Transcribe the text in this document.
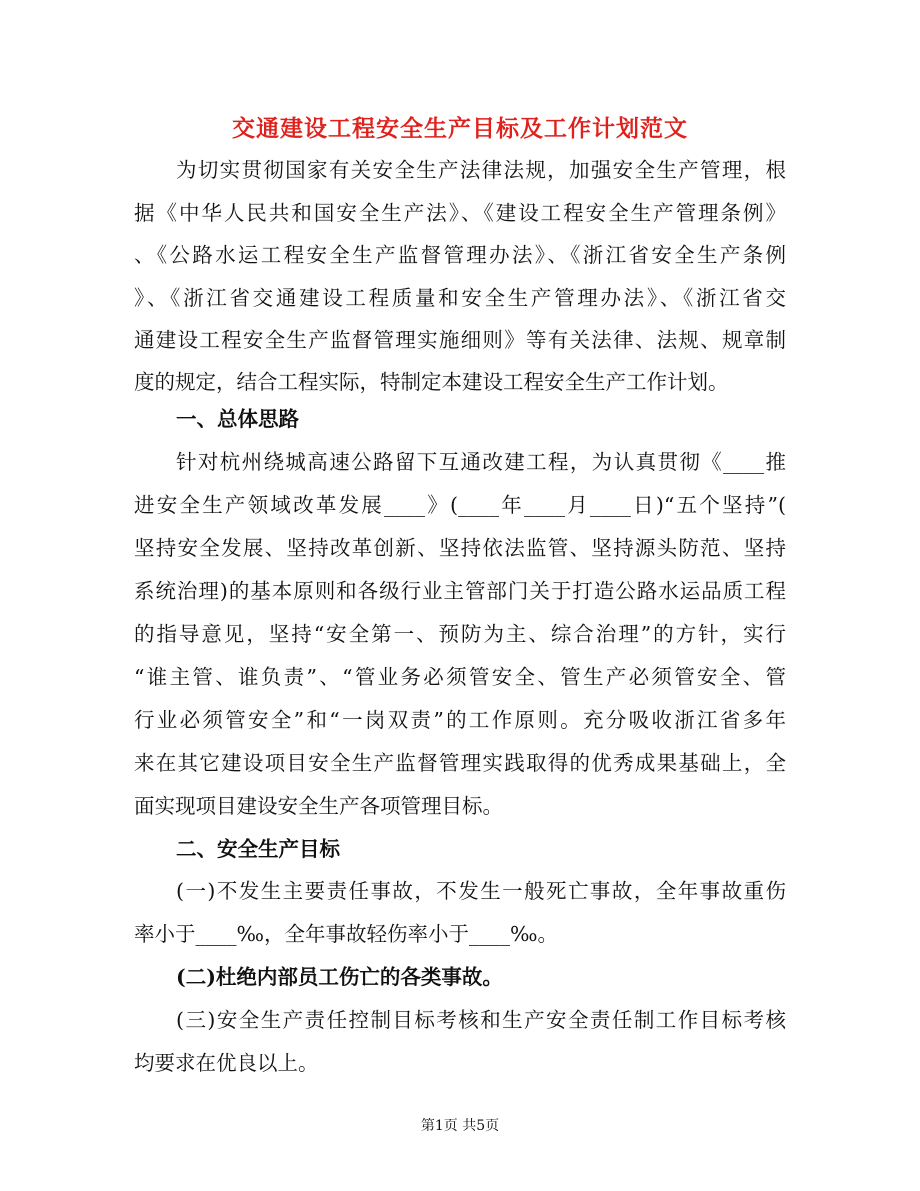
交通建设工程安全生产目标及工作计划范文
为切实贯彻国家有关安全生产法律法规，加强安全生产管理，根
据《中华人民共和国安全生产法》、《建设工程安全生产管理条例》
、《公路水运工程安全生产监督管理办法》、《浙江省安全生产条例
》、《浙江省交通建设工程质量和安全生产管理办法》、《浙江省交
通建设工程安全生产监督管理实施细则》等有关法律、法规、规章制
度的规定，结合工程实际，特制定本建设工程安全生产工作计划。
一、总体思路
针对杭州绕城高速公路留下互通改建工程，为认真贯彻《____推
进安全生产领域改革发展____》(____年____月____日)“五个坚持”(
坚持安全发展、坚持改革创新、坚持依法监管、坚持源头防范、坚持
系统治理)的基本原则和各级行业主管部门关于打造公路水运品质工程
的指导意见，坚持“安全第一、预防为主、综合治理”的方针，实行
“谁主管、谁负责”、“管业务必须管安全、管生产必须管安全、管
行业必须管安全”和“一岗双责”的工作原则。充分吸收浙江省多年
来在其它建设项目安全生产监督管理实践取得的优秀成果基础上，全
面实现项目建设安全生产各项管理目标。
二、安全生产目标
(一)不发生主要责任事故，不发生一般死亡事故，全年事故重伤
率小于____‰，全年事故轻伤率小于____‰。
(二)杜绝内部员工伤亡的各类事故。
(三)安全生产责任控制目标考核和生产安全责任制工作目标考核
均要求在优良以上。
第1页 共5页
